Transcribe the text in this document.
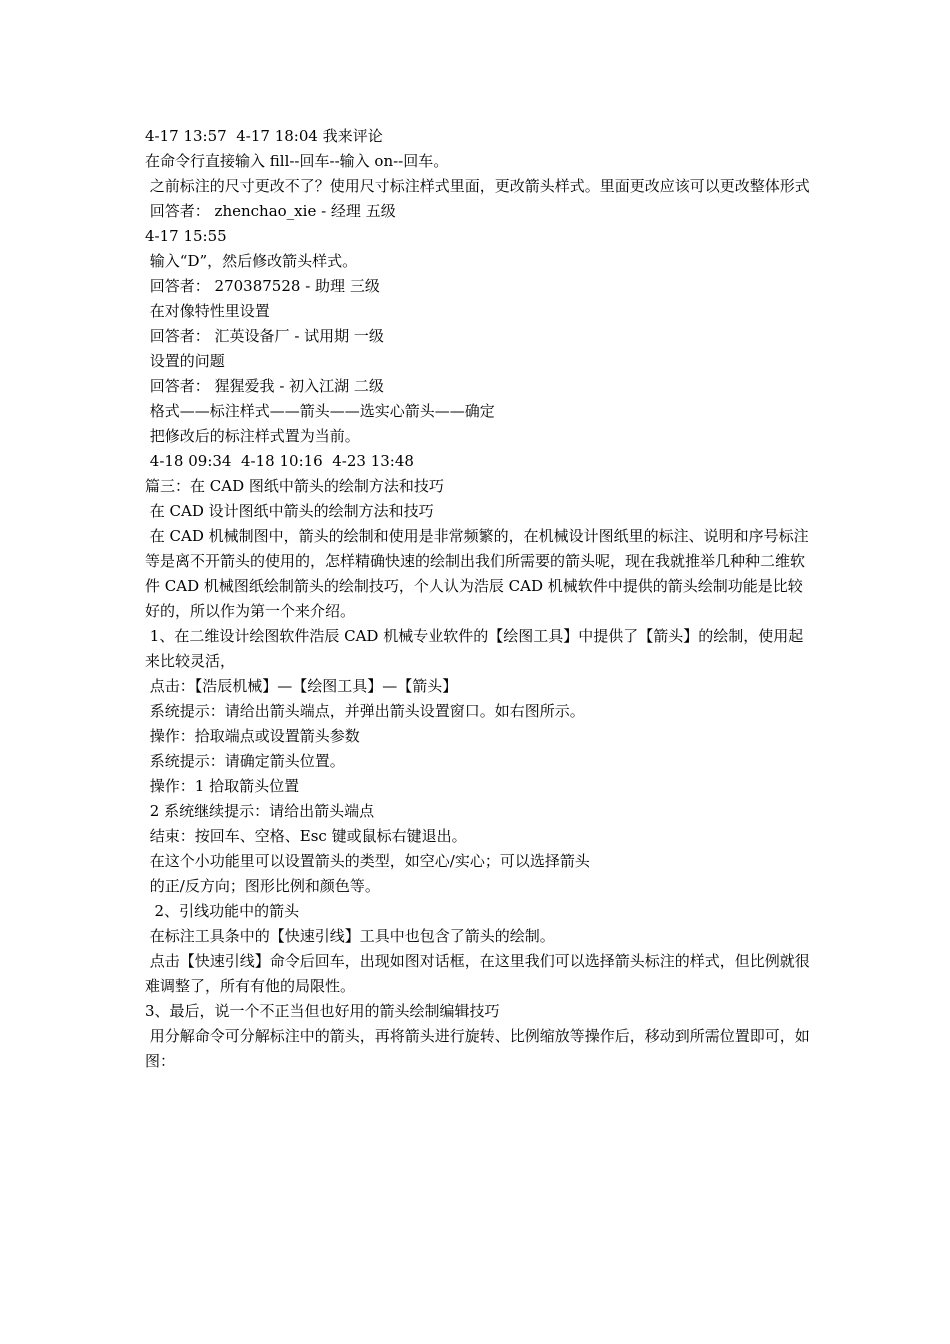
4-17 13:57  4-17 18:04 我来评论

在命令行直接输入 fill--回车--输入 on--回车。

之前标注的尺寸更改不了？使用尺寸标注样式里面，更改箭头样式。里面更改应该可以更改整体形式

回答者： zhenchao_xie - 经理 五级

4-17 15:55

输入“D”，然后修改箭头样式。

回答者： 270387528 - 助理 三级

在对像特性里设置

回答者： 汇英设备厂 - 试用期 一级

设置的问题

回答者： 猩猩爱我 - 初入江湖 二级

格式——标注样式——箭头——选实心箭头——确定

把修改后的标注样式置为当前。

4-18 09:34  4-18 10:16  4-23 13:48

篇三：在 CAD 图纸中箭头的绘制方法和技巧

在 CAD 设计图纸中箭头的绘制方法和技巧

在 CAD 机械制图中，箭头的绘制和使用是非常频繁的，在机械设计图纸里的标注、说明和序号标注等是离不开箭头的使用的，怎样精确快速的绘制出我们所需要的箭头呢，现在我就推举几种种二维软件 CAD 机械图纸绘制箭头的绘制技巧，个人认为浩辰 CAD 机械软件中提供的箭头绘制功能是比较好的，所以作为第一个来介绍。

1、在二维设计绘图软件浩辰 CAD 机械专业软件的【绘图工具】中提供了【箭头】的绘制，使用起来比较灵活，

点击：【浩辰机械】—【绘图工具】—【箭头】

系统提示：请给出箭头端点，并弹出箭头设置窗口。如右图所示。

操作：拾取端点或设置箭头参数

系统提示：请确定箭头位置。

操作：1 拾取箭头位置

2 系统继续提示：请给出箭头端点

结束：按回车、空格、Esc 键或鼠标右键退出。

在这个小功能里可以设置箭头的类型，如空心/实心；可以选择箭头

的正/反方向；图形比例和颜色等。

2、引线功能中的箭头

在标注工具条中的【快速引线】工具中也包含了箭头的绘制。

点击【快速引线】命令后回车，出现如图对话框，在这里我们可以选择箭头标注的样式，但比例就很难调整了，所有有他的局限性。

3、最后，说一个不正当但也好用的箭头绘制编辑技巧

用分解命令可分解标注中的箭头，再将箭头进行旋转、比例缩放等操作后，移动到所需位置即可，如图：
